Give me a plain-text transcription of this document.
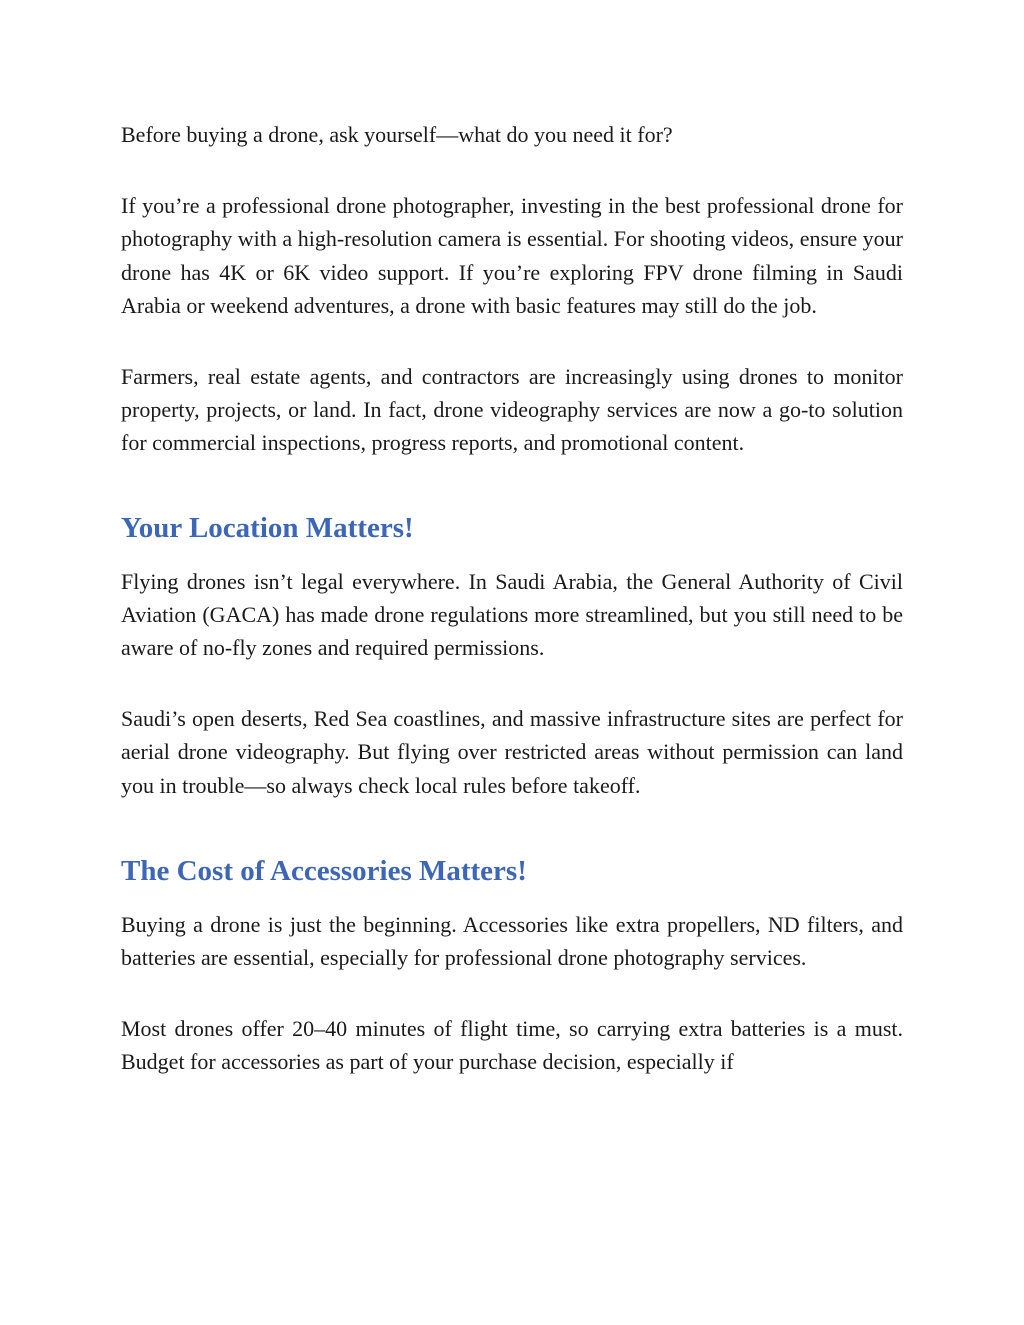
Before buying a drone, ask yourself—what do you need it for?

If you’re a professional drone photographer, investing in the best professional drone for photography with a high-resolution camera is essential. For shooting videos, ensure your drone has 4K or 6K video support. If you’re exploring FPV drone filming in Saudi Arabia or weekend adventures, a drone with basic features may still do the job.

Farmers, real estate agents, and contractors are increasingly using drones to monitor property, projects, or land. In fact, drone videography services are now a go-to solution for commercial inspections, progress reports, and promotional content.

Your Location Matters!

Flying drones isn’t legal everywhere. In Saudi Arabia, the General Authority of Civil Aviation (GACA) has made drone regulations more streamlined, but you still need to be aware of no-fly zones and required permissions.

Saudi’s open deserts, Red Sea coastlines, and massive infrastructure sites are perfect for aerial drone videography. But flying over restricted areas without permission can land you in trouble—so always check local rules before takeoff.

The Cost of Accessories Matters!

Buying a drone is just the beginning. Accessories like extra propellers, ND filters, and batteries are essential, especially for professional drone photography services.

Most drones offer 20–40 minutes of flight time, so carrying extra batteries is a must. Budget for accessories as part of your purchase decision, especially if
